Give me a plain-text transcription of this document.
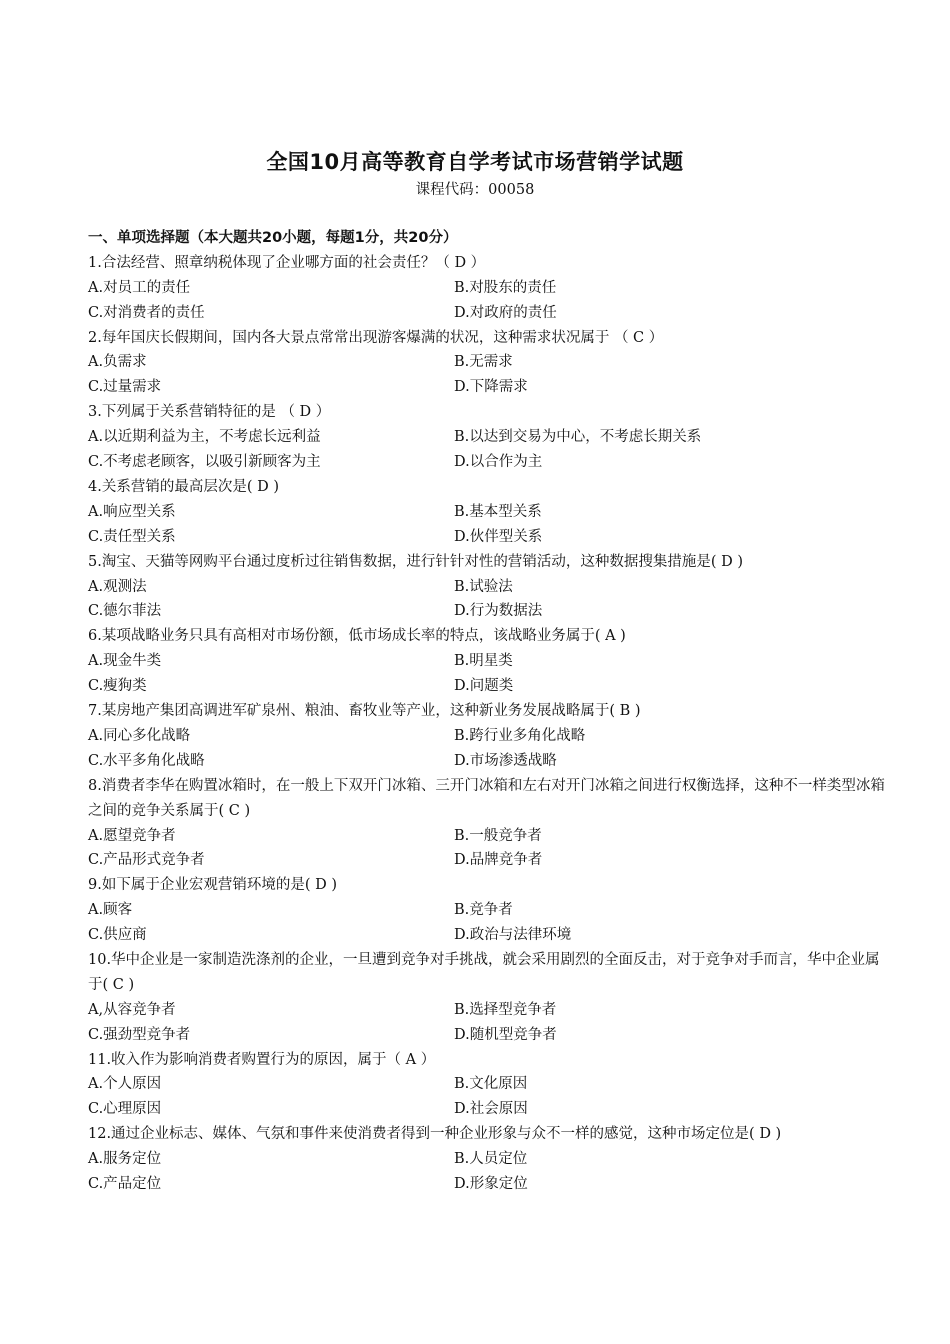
全国10月高等教育自学考试市场营销学试题
课程代码：00058
一、单项选择题（本大题共20小题，每题1分，共20分）
1.合法经营、照章纳税体现了企业哪方面的社会责任？（ D ）
A.对员工的责任	B.对股东的责任
C.对消费者的责任	D.对政府的责任
2.每年国庆长假期间，国内各大景点常常出现游客爆满的状况，这种需求状况属于 （ C ）
A.负需求	B.无需求
C.过量需求	D.下降需求
3.下列属于关系营销特征的是 （ D ）
A.以近期利益为主，不考虑长远利益	B.以达到交易为中心，不考虑长期关系
C.不考虑老顾客，以吸引新顾客为主	D.以合作为主
4.关系营销的最高层次是( D )
A.响应型关系	B.基本型关系
C.责任型关系	D.伙伴型关系
5.淘宝、天猫等网购平台通过度析过往销售数据，进行针针对性的营销活动，这种数据搜集措施是( D )
A.观测法	B.试验法
C.德尔菲法	D.行为数据法
6.某项战略业务只具有高相对市场份额，低市场成长率的特点，该战略业务属于( A )
A.现金牛类	B.明星类
C.瘦狗类	D.问题类
7.某房地产集团高调进军矿泉州、粮油、畜牧业等产业，这种新业务发展战略属于( B )
A.同心多化战略	B.跨行业多角化战略
C.水平多角化战略	D.市场渗透战略
8.消费者李华在购置冰箱时，在一般上下双开门冰箱、三开门冰箱和左右对开门冰箱之间进行权衡选择，这种不一样类型冰箱之间的竞争关系属于( C )
A.愿望竞争者	B.一般竞争者
C.产品形式竞争者	D.品牌竞争者
9.如下属于企业宏观营销环境的是( D )
A.顾客	B.竞争者
C.供应商	D.政治与法律环境
10.华中企业是一家制造洗涤剂的企业，一旦遭到竞争对手挑战，就会采用剧烈的全面反击，对于竞争对手而言，华中企业属于( C )
A,从容竞争者	B.选择型竞争者
C.强劲型竞争者	D.随机型竞争者
11.收入作为影响消费者购置行为的原因，属于（ A ）
A.个人原因	B.文化原因
C.心理原因	D.社会原因
12.通过企业标志、媒体、气氛和事件来使消费者得到一种企业形象与众不一样的感觉，这种市场定位是( D )
A.服务定位	B.人员定位
C.产品定位	D.形象定位
